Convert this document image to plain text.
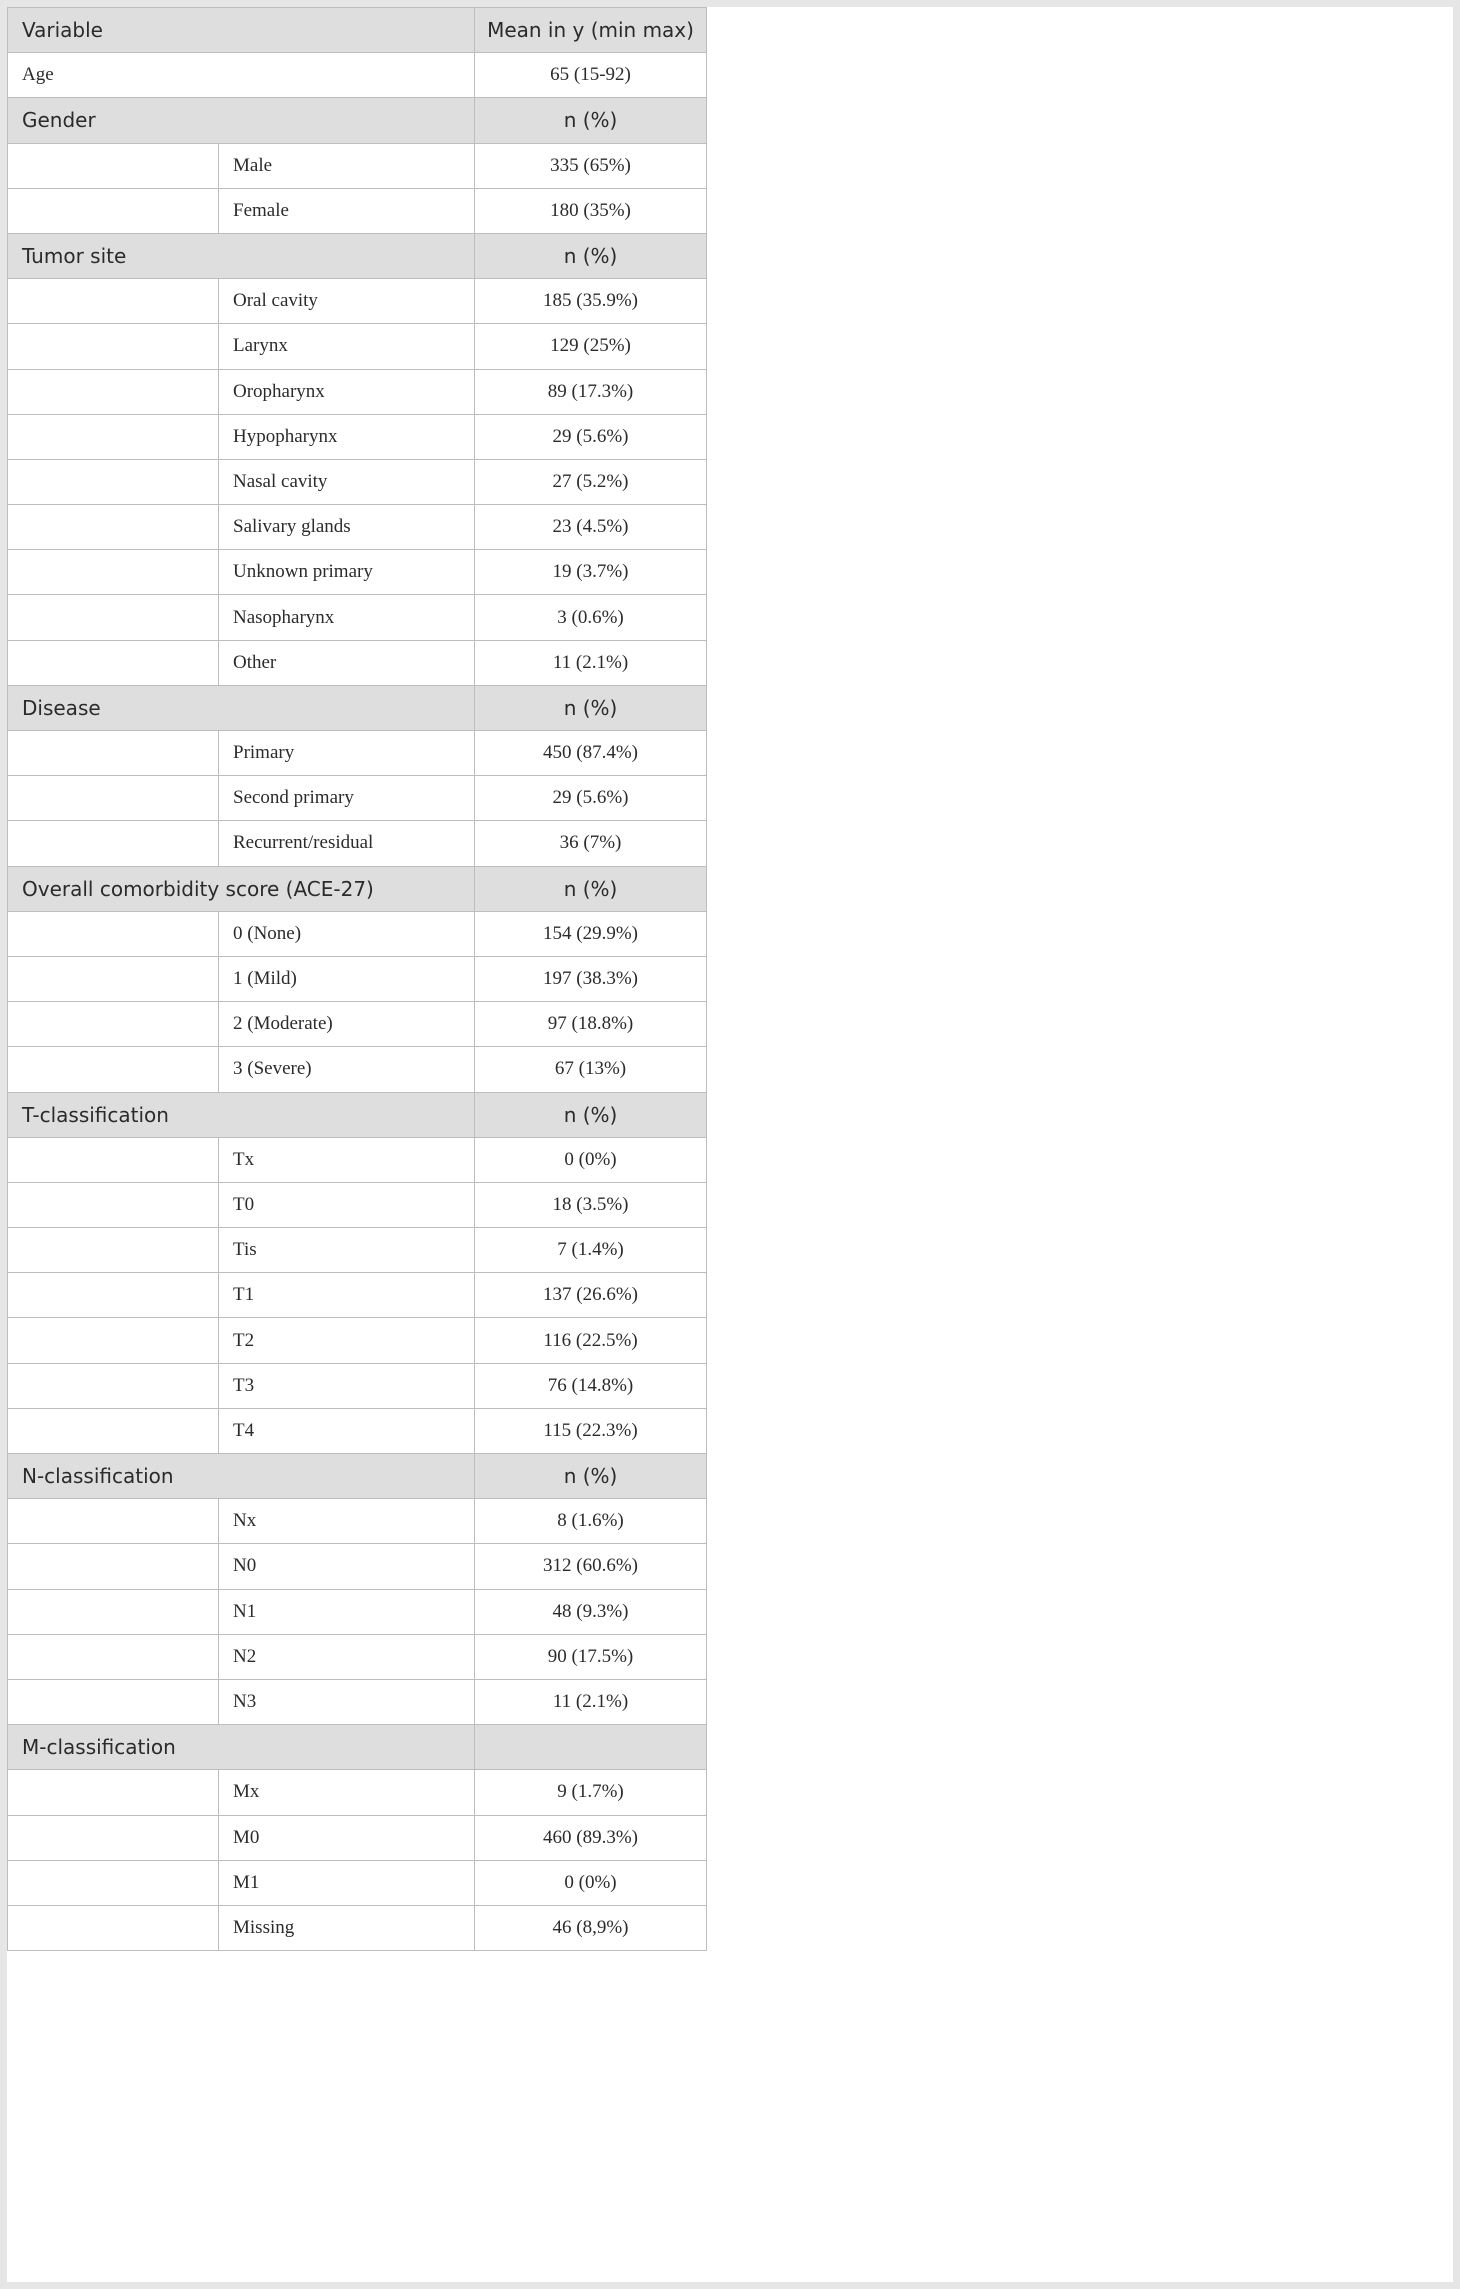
Variable		Mean in y (min max)
Age		65 (15-92)
Gender		n (%)
	Male	335 (65%)
	Female	180 (35%)
Tumor site		n (%)
	Oral cavity	185 (35.9%)
	Larynx	129 (25%)
	Oropharynx	89 (17.3%)
	Hypopharynx	29 (5.6%)
	Nasal cavity	27 (5.2%)
	Salivary glands	23 (4.5%)
	Unknown primary	19 (3.7%)
	Nasopharynx	3 (0.6%)
	Other	11 (2.1%)
Disease		n (%)
	Primary	450 (87.4%)
	Second primary	29 (5.6%)
	Recurrent/residual	36 (7%)
Overall comorbidity score (ACE-27)		n (%)
	0 (None)	154 (29.9%)
	1 (Mild)	197 (38.3%)
	2 (Moderate)	97 (18.8%)
	3 (Severe)	67 (13%)
T-classification		n (%)
	Tx	0 (0%)
	T0	18 (3.5%)
	Tis	7 (1.4%)
	T1	137 (26.6%)
	T2	116 (22.5%)
	T3	76 (14.8%)
	T4	115 (22.3%)
N-classification		n (%)
	Nx	8 (1.6%)
	N0	312 (60.6%)
	N1	48 (9.3%)
	N2	90 (17.5%)
	N3	11 (2.1%)
M-classification		
	Mx	9 (1.7%)
	M0	460 (89.3%)
	M1	0 (0%)
	Missing	46 (8,9%)
